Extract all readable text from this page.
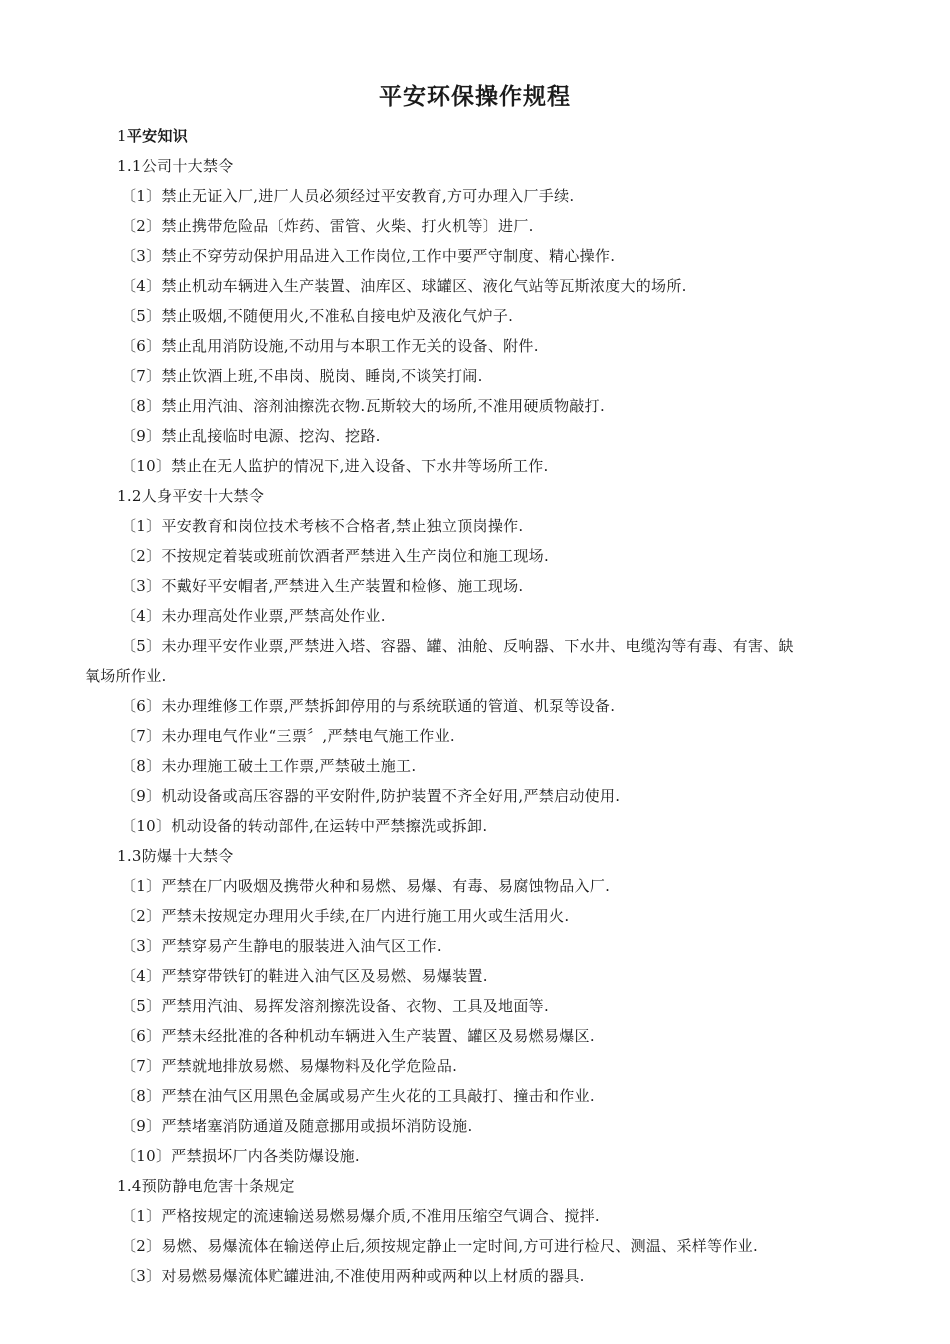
平安环保操作规程
1平安知识
1.1公司十大禁令
〔1〕禁止无证入厂,进厂人员必须经过平安教育,方可办理入厂手续.
〔2〕禁止携带危险品〔炸药、雷管、火柴、打火机等〕进厂.
〔3〕禁止不穿劳动保护用品进入工作岗位,工作中要严守制度、精心操作.
〔4〕禁止机动车辆进入生产装置、油库区、球罐区、液化气站等瓦斯浓度大的场所.
〔5〕禁止吸烟,不随便用火,不准私自接电炉及液化气炉子.
〔6〕禁止乱用消防设施,不动用与本职工作无关的设备、附件.
〔7〕禁止饮酒上班,不串岗、脱岗、睡岗,不谈笑打闹.
〔8〕禁止用汽油、溶剂油擦洗衣物.瓦斯较大的场所,不准用硬质物敲打.
〔9〕禁止乱接临时电源、挖沟、挖路.
〔10〕禁止在无人监护的情况下,进入设备、下水井等场所工作.
1.2人身平安十大禁令
〔1〕平安教育和岗位技术考核不合格者,禁止独立顶岗操作.
〔2〕不按规定着装或班前饮酒者严禁进入生产岗位和施工现场.
〔3〕不戴好平安帽者,严禁进入生产装置和检修、施工现场.
〔4〕未办理高处作业票,严禁高处作业.
〔5〕未办理平安作业票,严禁进入塔、容器、罐、油舱、反响器、下水井、电缆沟等有毒、有害、缺
氧场所作业.
〔6〕未办理维修工作票,严禁拆卸停用的与系统联通的管道、机泵等设备.
〔7〕未办理电气作业“三票〞,严禁电气施工作业.
〔8〕未办理施工破土工作票,严禁破土施工.
〔9〕机动设备或高压容器的平安附件,防护装置不齐全好用,严禁启动使用.
〔10〕机动设备的转动部件,在运转中严禁擦洗或拆卸.
1.3防爆十大禁令
〔1〕严禁在厂内吸烟及携带火种和易燃、易爆、有毒、易腐蚀物品入厂.
〔2〕严禁未按规定办理用火手续,在厂内进行施工用火或生活用火.
〔3〕严禁穿易产生静电的服装进入油气区工作.
〔4〕严禁穿带铁钉的鞋进入油气区及易燃、易爆装置.
〔5〕严禁用汽油、易挥发溶剂擦洗设备、衣物、工具及地面等.
〔6〕严禁未经批准的各种机动车辆进入生产装置、罐区及易燃易爆区.
〔7〕严禁就地排放易燃、易爆物料及化学危险品.
〔8〕严禁在油气区用黑色金属或易产生火花的工具敲打、撞击和作业.
〔9〕严禁堵塞消防通道及随意挪用或损坏消防设施.
〔10〕严禁损坏厂内各类防爆设施.
1.4预防静电危害十条规定
〔1〕严格按规定的流速输送易燃易爆介质,不准用压缩空气调合、搅拌.
〔2〕易燃、易爆流体在输送停止后,须按规定静止一定时间,方可进行检尺、测温、采样等作业.
〔3〕对易燃易爆流体贮罐进油,不准使用两种或两种以上材质的器具.
